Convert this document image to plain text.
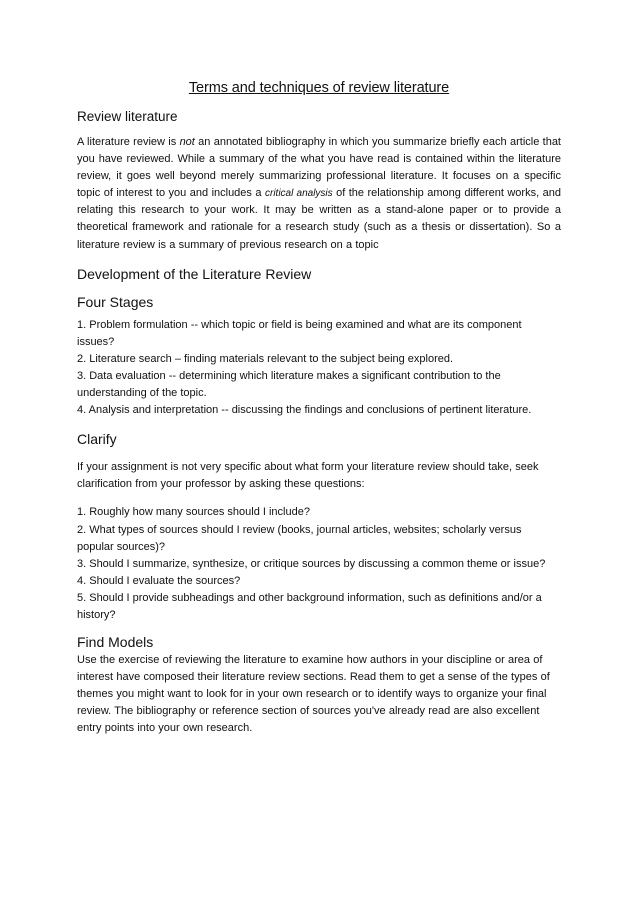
Terms and techniques of review literature
Review literature

A literature review is not an annotated bibliography in which you summarize briefly each article that you have reviewed. While a summary of the what you have read is contained within the literature review, it goes well beyond merely summarizing professional literature. It focuses on a specific topic of interest to you and includes a critical analysis of the relationship among different works, and relating this research to your work. It may be written as a stand-alone paper or to provide a theoretical framework and rationale for a research study (such as a thesis or dissertation). So a literature review is a summary of previous research on a topic

Development of the Literature Review
Four Stages
1. Problem formulation -- which topic or field is being examined and what are its component issues?
2. Literature search – finding materials relevant to the subject being explored.
3. Data evaluation -- determining which literature makes a significant contribution to the understanding of the topic.
4. Analysis and interpretation -- discussing the findings and conclusions of pertinent literature.
Clarify

If your assignment is not very specific about what form your literature review should take, seek clarification from your professor by asking these questions:

1. Roughly how many sources should I include?
2. What types of sources should I review (books, journal articles, websites; scholarly versus popular sources)?
3. Should I summarize, synthesize, or critique sources by discussing a common theme or issue?
4. Should I evaluate the sources?
5. Should I provide subheadings and other background information, such as definitions and/or a history?
Find Models

Use the exercise of reviewing the literature to examine how authors in your discipline or area of interest have composed their literature review sections. Read them to get a sense of the types of themes you might want to look for in your own research or to identify ways to organize your final review. The bibliography or reference section of sources you've already read are also excellent entry points into your own research.
